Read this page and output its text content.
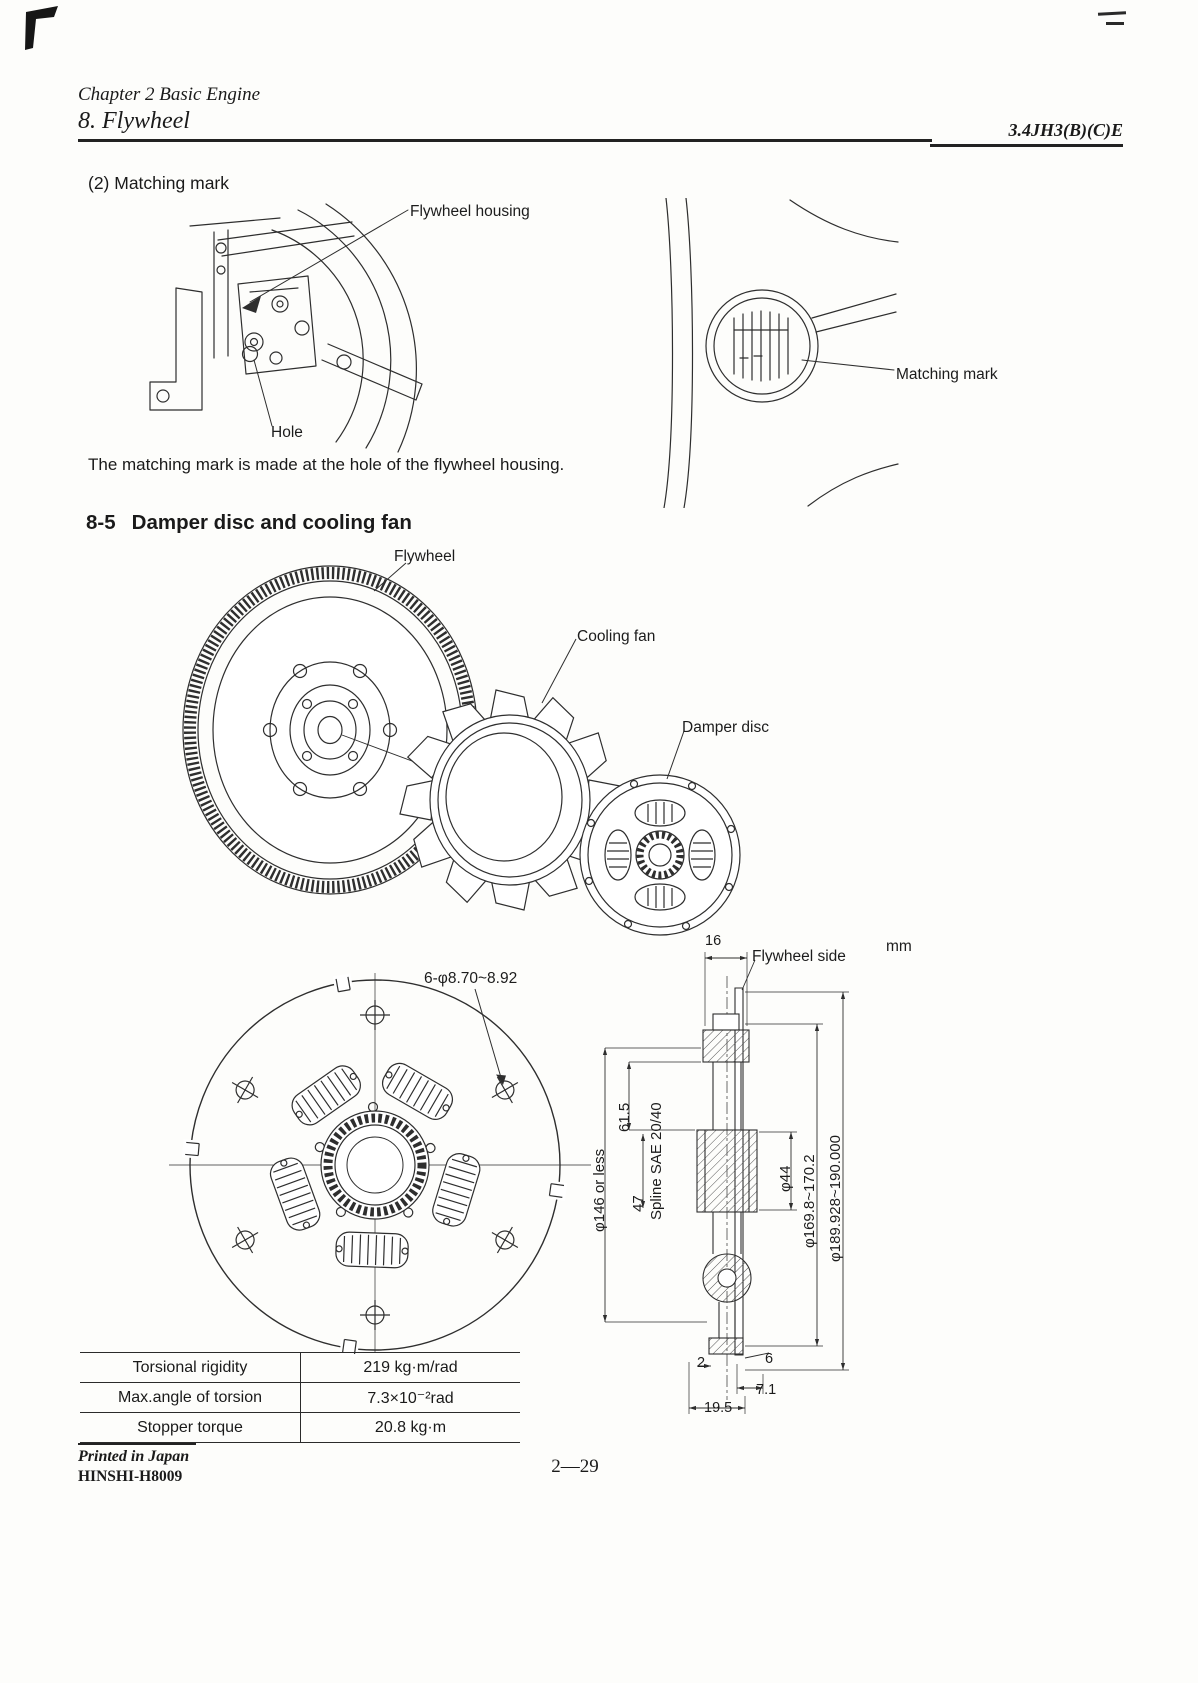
Chapter 2 Basic Engine
8. Flywheel	3.4JH3(B)(C)E
(2) Matching mark
Flywheel housing
Hole
Matching mark
The matching mark is made at the hole of the flywheel housing.
8-5 Damper disc and cooling fan
Flywheel
Cooling fan
Damper disc
6-φ8.70~8.92
16
Flywheel side
mm
φ146 or less
61.5
47 Spline SAE 20/40	φ44 φ169.8~170.2 φ189.928~190.000
2	6
7.1
19.5
Torsional rigidity	219 kg·m/rad
Max.angle of torsion	7.3×10⁻²rad
Stopper torque	20.8 kg·m
Printed in Japan
HINSHI-H8009	2—29
